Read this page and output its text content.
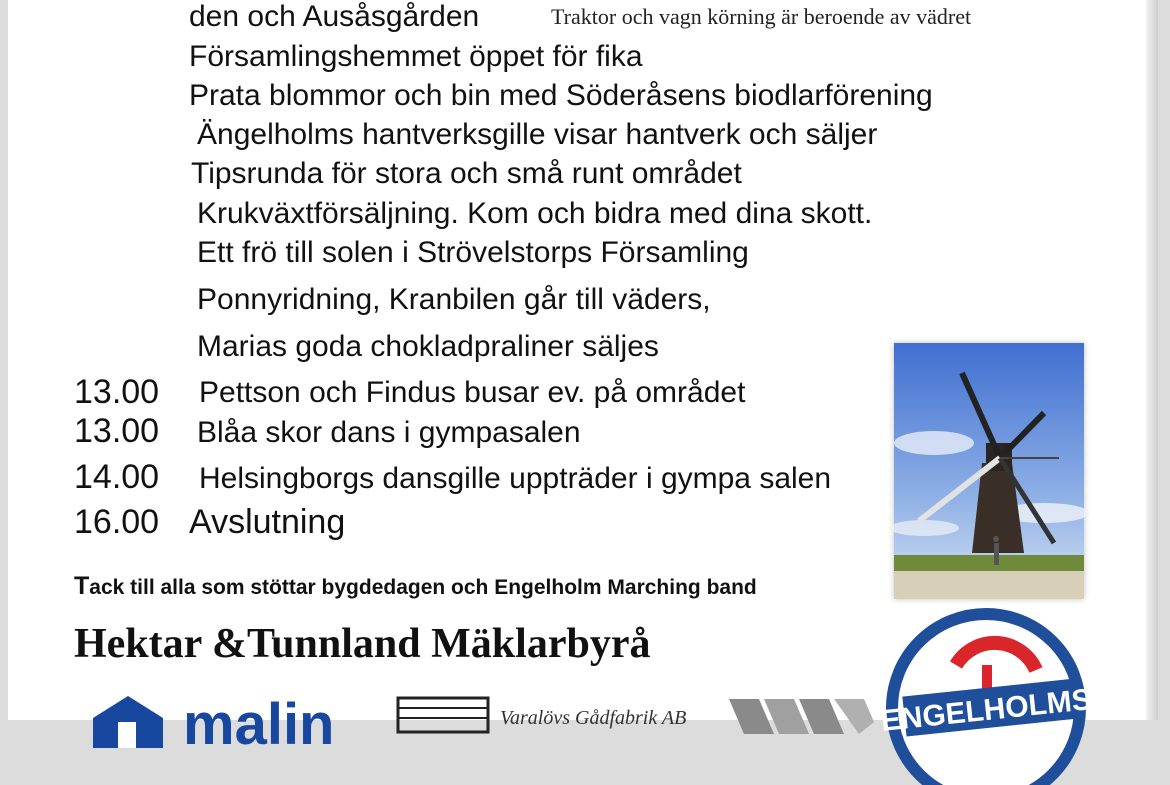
den och Ausåsgården	Traktor och vagn körning är beroende av vädret
Församlingshemmet öppet för fika
Prata blommor och bin med Söderåsens biodlarförening
Ängelholms hantverksgille visar hantverk och säljer
Tipsrunda för stora och små runt området
Krukväxtförsäljning. Kom och bidra med dina skott.
Ett frö till solen i Strövelstorps Församling
Ponnyridning, Kranbilen går till väders,
Marias goda chokladpraliner säljes
13.00 Pettson och Findus busar ev. på området
13.00 Blåa skor dans i gympasalen
14.00 Helsingborgs dansgille uppträder i gympa salen
16.00 Avslutning
Tack till alla som stöttar bygdedagen och Engelholm Marching band
Hektar &Tunnland Mäklarbyrå
ENGELHOLMS
malin	Varalövs Gådfabrik AB
